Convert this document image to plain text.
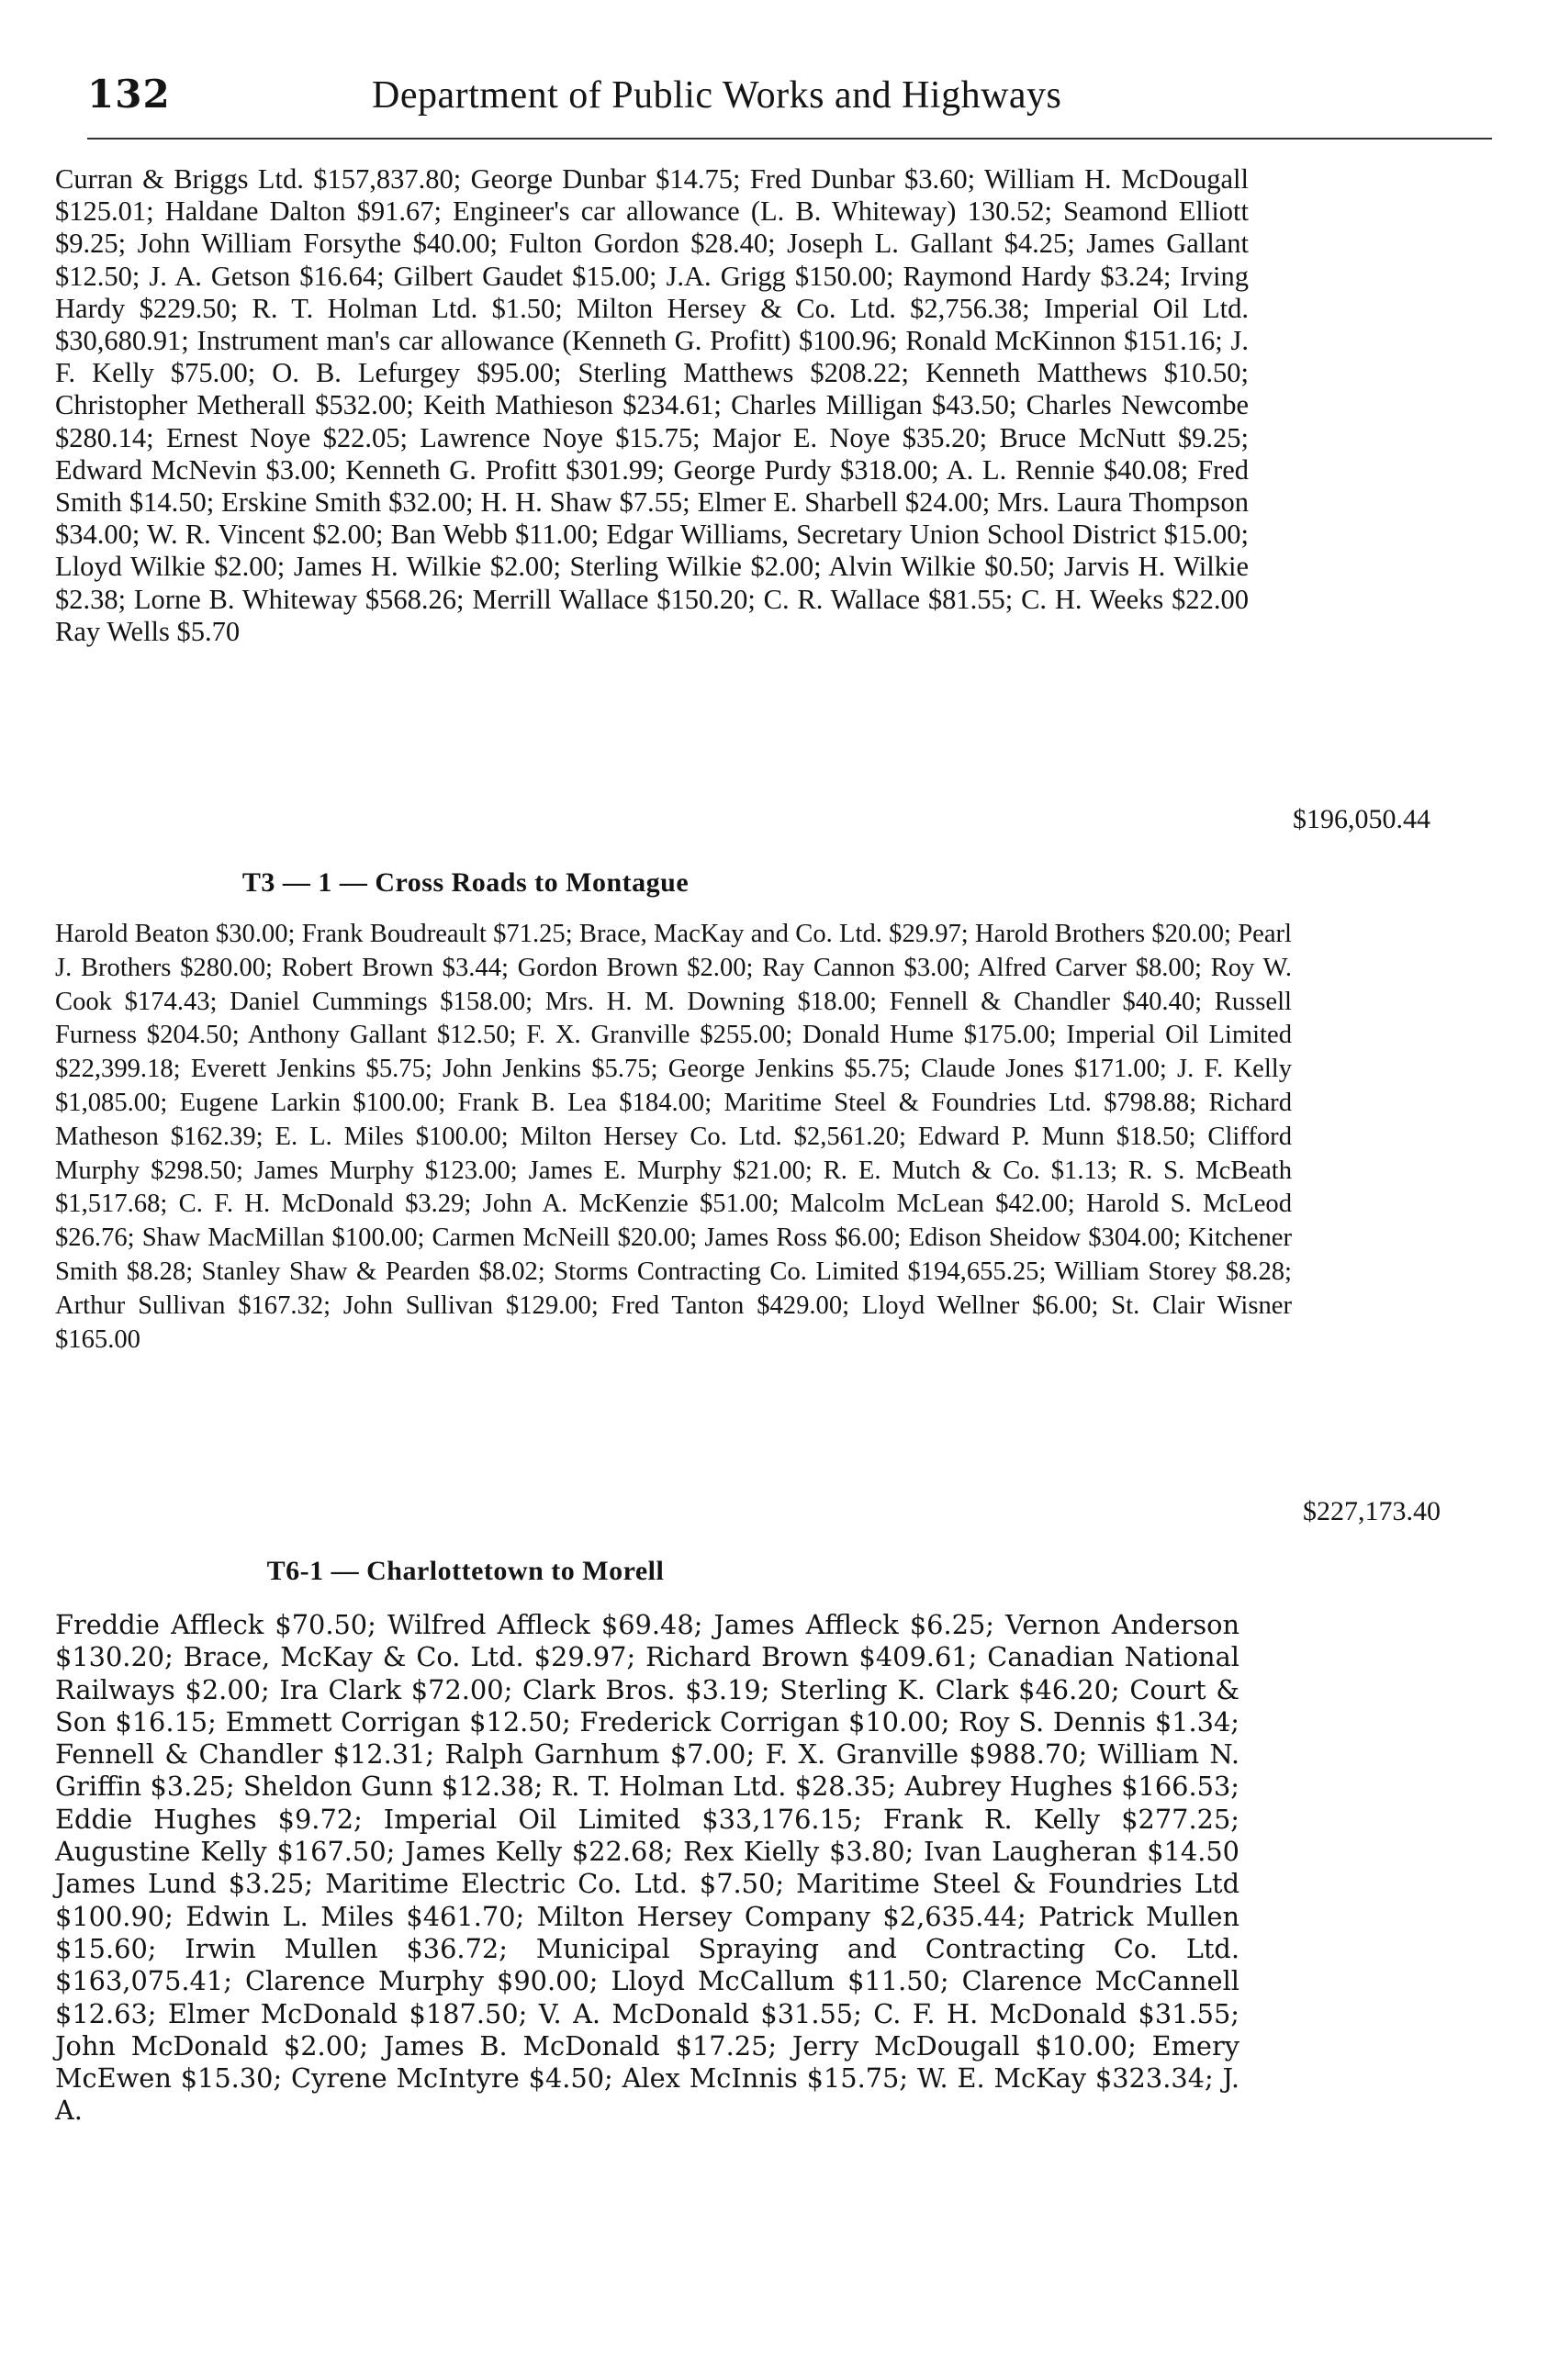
132	Department of Public Works and Highways
Curran & Briggs Ltd. $157,837.80; George Dunbar $14.75; Fred Dunbar $3.60; William H. McDougall $125.01; Haldane Dalton $91.67; Engineer's car allowance (L. B. Whiteway) 130.52; Seamond Elliott $9.25; John William Forsythe $40.00; Fulton Gordon $28.40; Joseph L. Gallant $4.25; James Gallant $12.50; J. A. Getson $16.64; Gilbert Gaudet $15.00; J.A. Grigg $150.00; Raymond Hardy $3.24; Irving Hardy $229.50; R. T. Holman Ltd. $1.50; Milton Hersey & Co. Ltd. $2,756.38; Imperial Oil Ltd. $30,680.91; Instrument man's car allowance (Kenneth G. Profitt) $100.96; Ronald McKinnon $151.16; J. F. Kelly $75.00; O. B. Lefurgey $95.00; Sterling Matthews $208.22; Kenneth Matthews $10.50; Christopher Metherall $532.00; Keith Mathieson $234.61; Charles Milligan $43.50; Charles Newcombe $280.14; Ernest Noye $22.05; Lawrence Noye $15.75; Major E. Noye $35.20; Bruce McNutt $9.25; Edward McNevin $3.00; Kenneth G. Profitt $301.99; George Purdy $318.00; A. L. Rennie $40.08; Fred Smith $14.50; Erskine Smith $32.00; H. H. Shaw $7.55; Elmer E. Sharbell $24.00; Mrs. Laura Thompson $34.00; W. R. Vincent $2.00; Ban Webb $11.00; Edgar Williams, Secretary Union School District $15.00; Lloyd Wilkie $2.00; James H. Wilkie $2.00; Sterling Wilkie $2.00; Alvin Wilkie $0.50; Jarvis H. Wilkie $2.38; Lorne B. Whiteway $568.26; Merrill Wallace $150.20; C. R. Wallace $81.55; C. H. Weeks $22.00 Ray Wells $5.70
$196,050.44
T3 — 1 — Cross Roads to Montague
Harold Beaton $30.00; Frank Boudreault $71.25; Brace, MacKay and Co. Ltd. $29.97; Harold Brothers $20.00; Pearl J. Brothers $280.00; Robert Brown $3.44; Gordon Brown $2.00; Ray Cannon $3.00; Alfred Carver $8.00; Roy W. Cook $174.43; Daniel Cummings $158.00; Mrs. H. M. Downing $18.00; Fennell & Chandler $40.40; Russell Furness $204.50; Anthony Gallant $12.50; F. X. Granville $255.00; Donald Hume $175.00; Imperial Oil Limited $22,399.18; Everett Jenkins $5.75; John Jenkins $5.75; George Jenkins $5.75; Claude Jones $171.00; J. F. Kelly $1,085.00; Eugene Larkin $100.00; Frank B. Lea $184.00; Maritime Steel & Foundries Ltd. $798.88; Richard Matheson $162.39; E. L. Miles $100.00; Milton Hersey Co. Ltd. $2,561.20; Edward P. Munn $18.50; Clifford Murphy $298.50; James Murphy $123.00; James E. Murphy $21.00; R. E. Mutch & Co. $1.13; R. S. McBeath $1,517.68; C. F. H. McDonald $3.29; John A. McKenzie $51.00; Malcolm McLean $42.00; Harold S. McLeod $26.76; Shaw MacMillan $100.00; Carmen McNeill $20.00; James Ross $6.00; Edison Sheidow $304.00; Kitchener Smith $8.28; Stanley Shaw & Pearden $8.02; Storms Contracting Co. Limited $194,655.25; William Storey $8.28; Arthur Sullivan $167.32; John Sullivan $129.00; Fred Tanton $429.00; Lloyd Wellner $6.00; St. Clair Wisner $165.00
$227,173.40
T6-1 — Charlottetown to Morell
Freddie Affleck $70.50; Wilfred Affleck $69.48; James Affleck $6.25; Vernon Anderson $130.20; Brace, McKay & Co. Ltd. $29.97; Richard Brown $409.61; Canadian National Railways $2.00; Ira Clark $72.00; Clark Bros. $3.19; Sterling K. Clark $46.20; Court & Son $16.15; Emmett Corrigan $12.50; Frederick Corrigan $10.00; Roy S. Dennis $1.34; Fennell & Chandler $12.31; Ralph Garnhum $7.00; F. X. Granville $988.70; William N. Griffin $3.25; Sheldon Gunn $12.38; R. T. Holman Ltd. $28.35; Aubrey Hughes $166.53; Eddie Hughes $9.72; Imperial Oil Limited $33,176.15; Frank R. Kelly $277.25; Augustine Kelly $167.50; James Kelly $22.68; Rex Kielly $3.80; Ivan Laugheran $14.50 James Lund $3.25; Maritime Electric Co. Ltd. $7.50; Maritime Steel & Foundries Ltd $100.90; Edwin L. Miles $461.70; Milton Hersey Company $2,635.44; Patrick Mullen $15.60; Irwin Mullen $36.72; Municipal Spraying and Contracting Co. Ltd. $163,075.41; Clarence Murphy $90.00; Lloyd McCallum $11.50; Clarence McCannell $12.63; Elmer McDonald $187.50; V. A. McDonald $31.55; C. F. H. McDonald $31.55; John McDonald $2.00; James B. McDonald $17.25; Jerry McDougall $10.00; Emery McEwen $15.30; Cyrene McIntyre $4.50; Alex McInnis $15.75; W. E. McKay $323.34; J. A.
